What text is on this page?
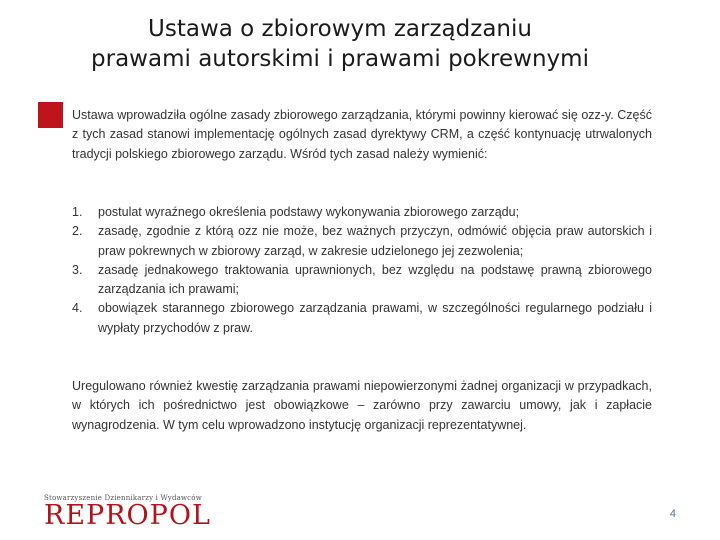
Ustawa o zbiorowym zarządzaniu
prawami autorskimi i prawami pokrewnymi
Ustawa wprowadziła ogólne zasady zbiorowego zarządzania, którymi powinny kierować się ozz-y. Część z tych zasad stanowi implementację ogólnych zasad dyrektywy CRM, a część kontynuację utrwalonych tradycji polskiego zbiorowego zarządu. Wśród tych zasad należy wymienić:
1.	postulat wyraźnego określenia podstawy wykonywania zbiorowego zarządu;
2.	zasadę, zgodnie z którą ozz nie może, bez ważnych przyczyn, odmówić objęcia praw autorskich i praw pokrewnych w zbiorowy zarząd, w zakresie udzielonego jej zezwolenia;
3.	zasadę jednakowego traktowania uprawnionych, bez względu na podstawę prawną zbiorowego zarządzania ich prawami;
4.	obowiązek starannego zbiorowego zarządzania prawami, w szczególności regularnego podziału i wypłaty przychodów z praw.
Uregulowano również kwestię zarządzania prawami niepowierzonymi żadnej organizacji w przypadkach, w których ich pośrednictwo jest obowiązkowe – zarówno przy zawarciu umowy, jak i zapłacie wynagrodzenia. W tym celu wprowadzono instytucję organizacji reprezentatywnej.
Stowarzyszenie Dziennikarzy i Wydawców
REPROPOL	4
